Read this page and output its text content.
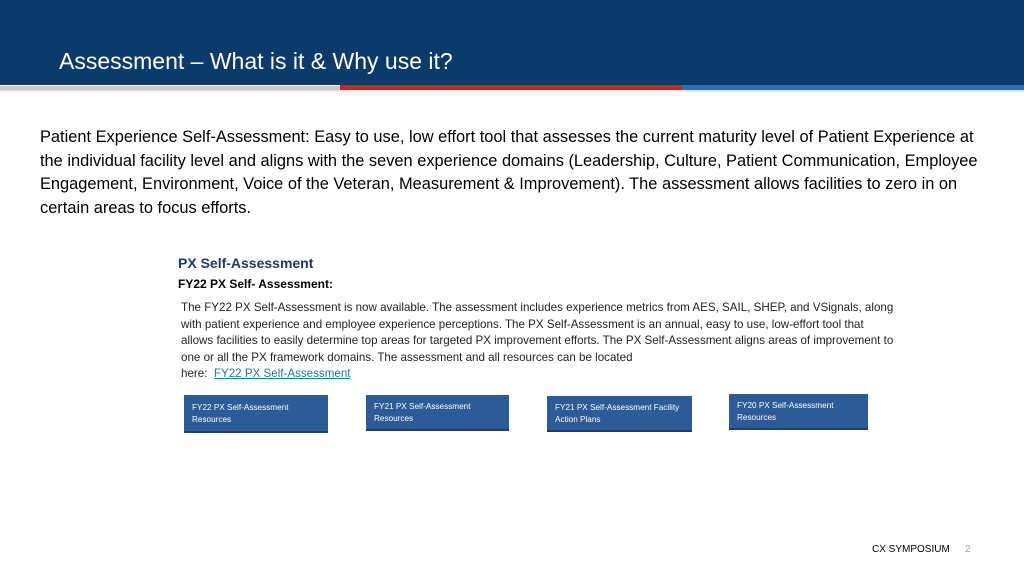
Assessment – What is it & Why use it?
Patient Experience Self-Assessment: Easy to use, low effort tool that assesses the current maturity level of Patient Experience at the individual facility level and aligns with the seven experience domains (Leadership, Culture, Patient Communication, Employee Engagement, Environment, Voice of the Veteran, Measurement & Improvement). The assessment allows facilities to zero in on certain areas to focus efforts.
PX Self-Assessment
FY22 PX Self- Assessment:
The FY22 PX Self-Assessment is now available. The assessment includes experience metrics from AES, SAIL, SHEP, and VSignals, along with patient experience and employee experience perceptions. The PX Self-Assessment is an annual, easy to use, low-effort tool that allows facilities to easily determine top areas for targeted PX improvement efforts. The PX Self-Assessment aligns areas of improvement to one or all the PX framework domains. The assessment and all resources can be located
here: FY22 PX Self-Assessment
FY22 PX Self-Assessment Resources
FY21 PX Self-Assessment Resources
FY21 PX Self-Assessment Facility Action Plans
FY20 PX Self-Assessment Resources
CX SYMPOSIUM 2
